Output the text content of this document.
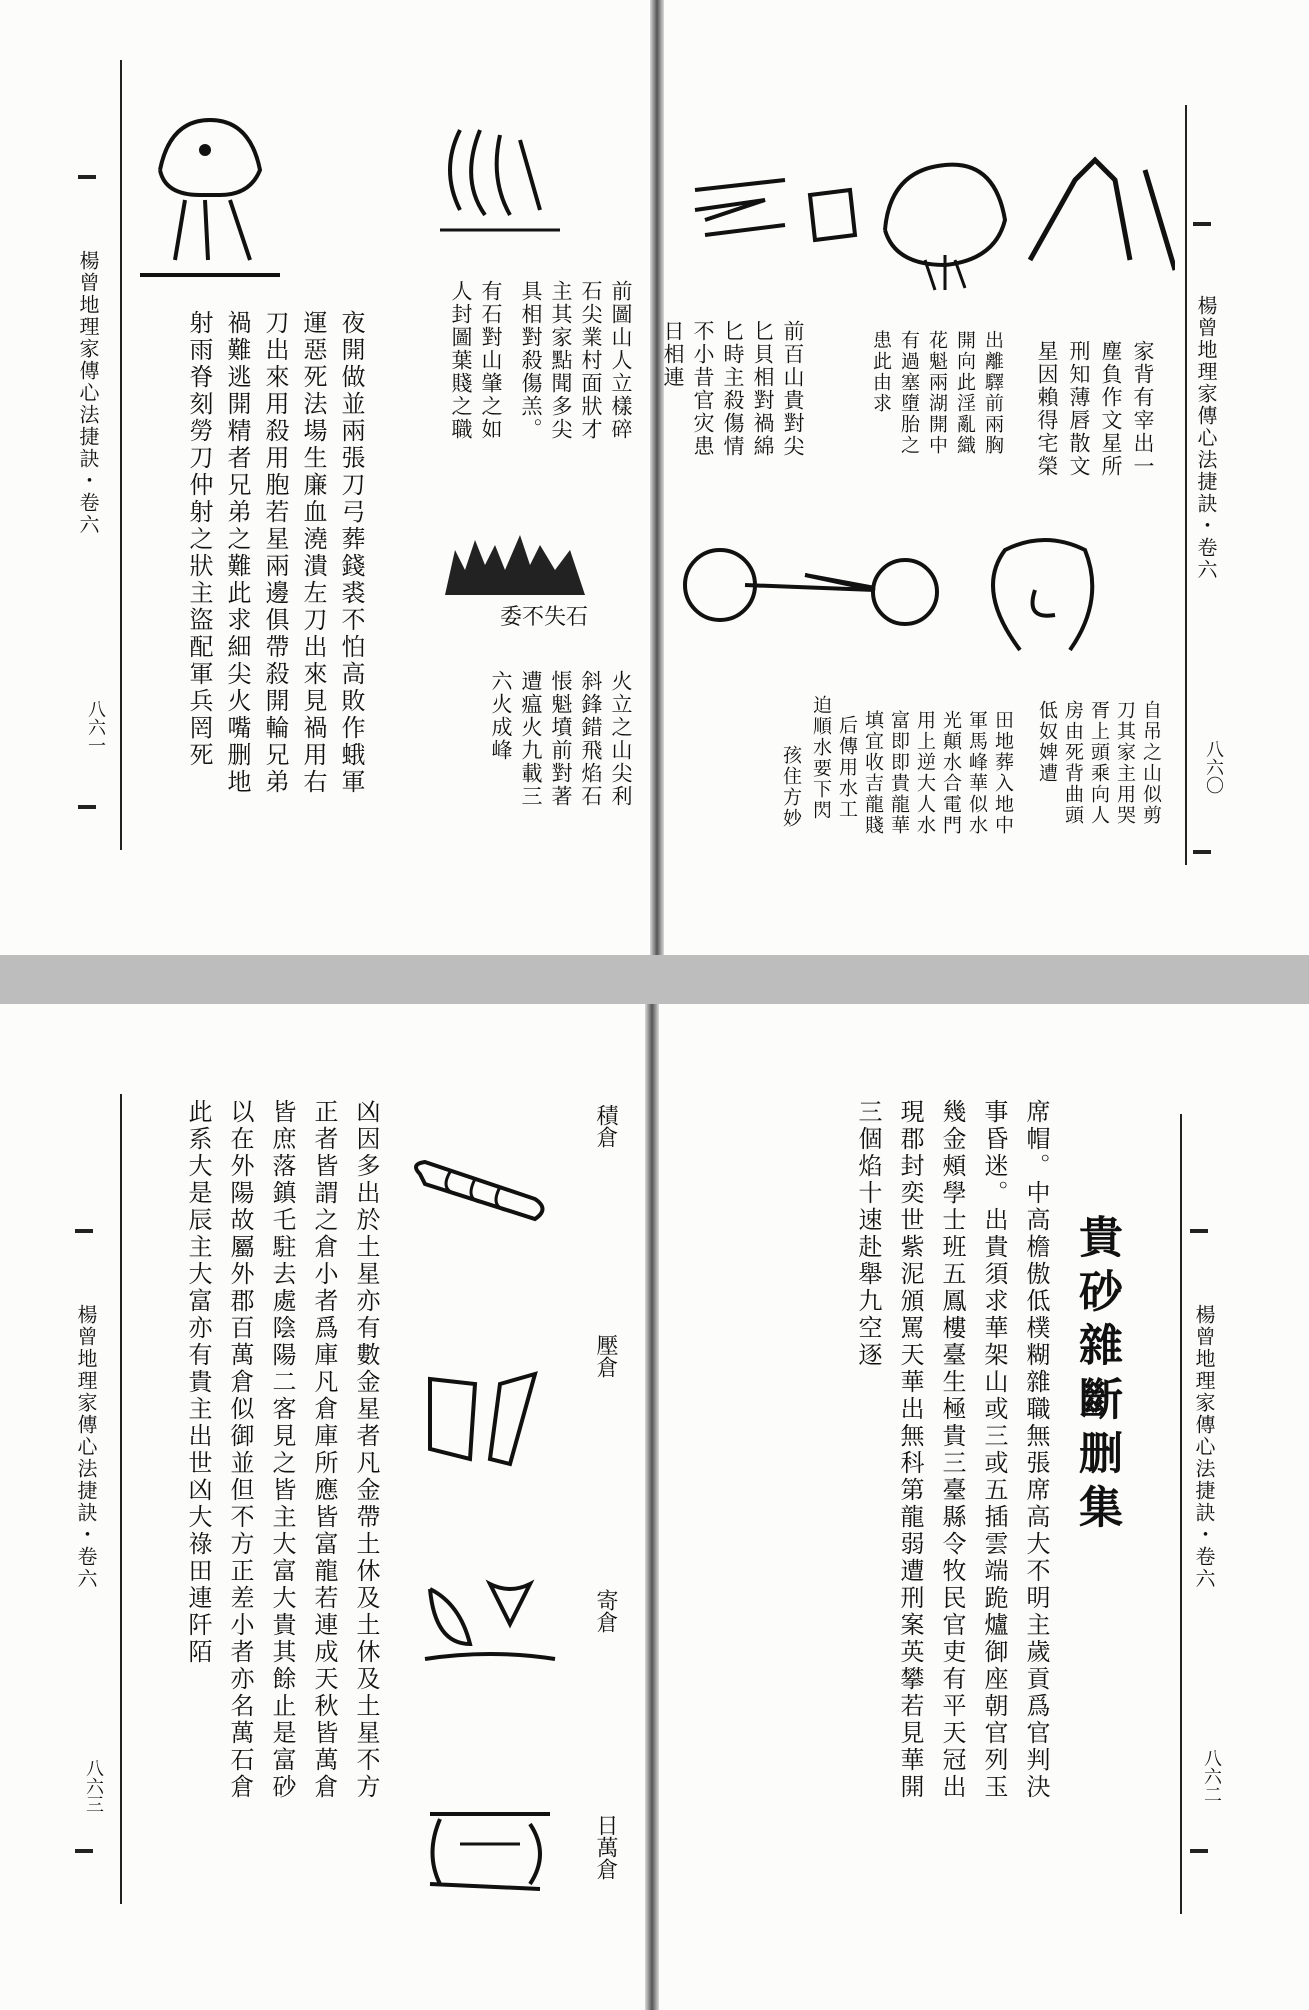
楊曾地理家傳心法捷訣・卷六
八六〇
家背有宰出一
塵負作文星所
刑知薄唇散文
星因賴得宅榮
出離驛前兩胸
開向此淫亂織
花魁兩湖開中
有過塞墮胎之
患此由求
前百山貴對尖
匕貝相對禍綿
匕時主殺傷情
不小昔官灾患
日相連
自吊之山似剪
刀其家主用哭
胥上頭乘向人
房由死背曲頭
低奴婢遭
田地葬入地中
軍馬峰華似水
光顛水合電門
用上逆大人水
富即即貴龍華
填宜收吉龍賤
后傳用水工
迫順水要下閃
孩住方妙
楊曾地理家傳心法捷訣・卷六
八六一
前圖山人立樣碎
石尖業村面狀才
主其家點聞多尖
具相對殺傷羔。
有石對山肇之如
人封圖葉賤之職
夜開做並兩張刀弓葬錢裘不怕高敗作蛾軍
運惡死法場生廉血澆潰左刀出來見禍用右
刀出來用殺用胞若星兩邊俱帶殺開輪兄弟
禍難逃開精者兄弟之難此求細尖火嘴删地
射雨脊刻勞刀仲射之狀主盜配軍兵罔死	委不失石
火立之山尖利
斜鋒錯飛焰石
悵魁墳前對著
遭瘟火九載三
六火成峰
楊曾地理家傳心法捷訣・卷六
八六二
貴砂雜斷删集
席帽。中高檐傲低樸糊雜職無張席高大不明主歲貢爲官判決
事昏迷。出貴須求華架山或三或五插雲端跪爐御座朝官列玉
幾金頰學士班五鳳樓臺生極貴三臺縣令牧民官吏有平天冠出
現郡封奕世紫泥頒罵天華出無科第龍弱遭刑案英攀若見華開
三個焰十速赴舉九空逐
楊曾地理家傳心法捷訣・卷六
八六三
積倉
壓倉
寄倉
日萬倉
凶因多出於土星亦有數金星者凡金帶土休及土休及土星不方
正者皆謂之倉小者爲庫凡倉庫所應皆富龍若連成天秋皆萬倉
皆庶落鎮乇駐去處陰陽二客見之皆主大富大貴其餘止是富砂
以在外陽故屬外郡百萬倉似御並但不方正差小者亦名萬石倉
此系大是辰主大富亦有貴主出世凶大祿田連阡陌
